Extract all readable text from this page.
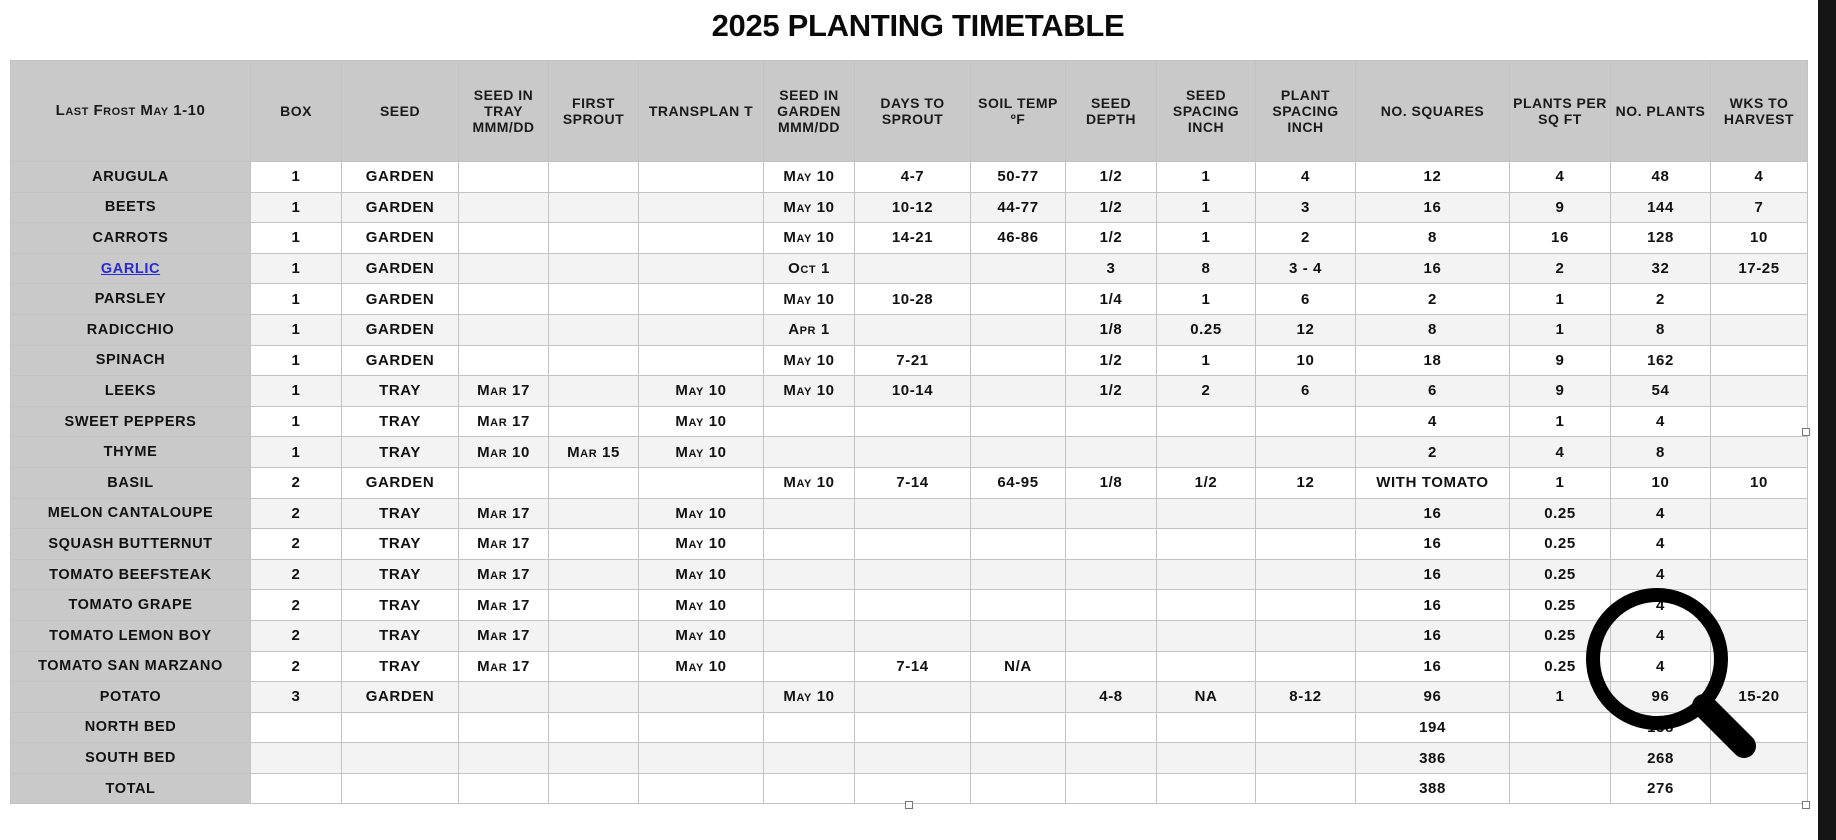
2025 PLANTING TIMETABLE
Last Frost May 1-10	BOX	SEED	SEED IN TRAY MMM/DD	FIRST SPROUT	TRANSPLAN T	SEED IN GARDEN MMM/DD	DAYS TO SPROUT	SOIL TEMP ºF	SEED DEPTH	SEED SPACING INCH	PLANT SPACING INCH	NO. SQUARES	PLANTS PER SQ FT	NO. PLANTS	WKS TO HARVEST
ARUGULA	1	GARDEN				May 10	4-7	50-77	1/2	1	4	12	4	48	4
BEETS	1	GARDEN				May 10	10-12	44-77	1/2	1	3	16	9	144	7
CARROTS	1	GARDEN				May 10	14-21	46-86	1/2	1	2	8	16	128	10
GARLIC	1	GARDEN				Oct 1			3	8	3 - 4	16	2	32	17-25
PARSLEY	1	GARDEN				May 10	10-28		1/4	1	6	2	1	2	
RADICCHIO	1	GARDEN				Apr 1			1/8	0.25	12	8	1	8	
SPINACH	1	GARDEN				May 10	7-21		1/2	1	10	18	9	162	
LEEKS	1	TRAY	Mar 17		May 10	May 10	10-14		1/2	2	6	6	9	54	
SWEET PEPPERS	1	TRAY	Mar 17		May 10							4	1	4	
THYME	1	TRAY	Mar 10	Mar 15	May 10							2	4	8	
BASIL	2	GARDEN				May 10	7-14	64-95	1/8	1/2	12	WITH TOMATO	1	10	10
MELON CANTALOUPE	2	TRAY	Mar 17		May 10							16	0.25	4	
SQUASH BUTTERNUT	2	TRAY	Mar 17		May 10							16	0.25	4	
TOMATO BEEFSTEAK	2	TRAY	Mar 17		May 10							16	0.25	4	
TOMATO GRAPE	2	TRAY	Mar 17		May 10							16	0.25	4	
TOMATO LEMON BOY	2	TRAY	Mar 17		May 10							16	0.25	4	
TOMATO SAN MARZANO	2	TRAY	Mar 17		May 10		7-14	N/A				16	0.25	4	
POTATO	3	GARDEN				May 10			4-8	NA	8-12	96	1	96	15-20
NORTH BED												194		138	
SOUTH BED												386		268	
TOTAL												388		276	
